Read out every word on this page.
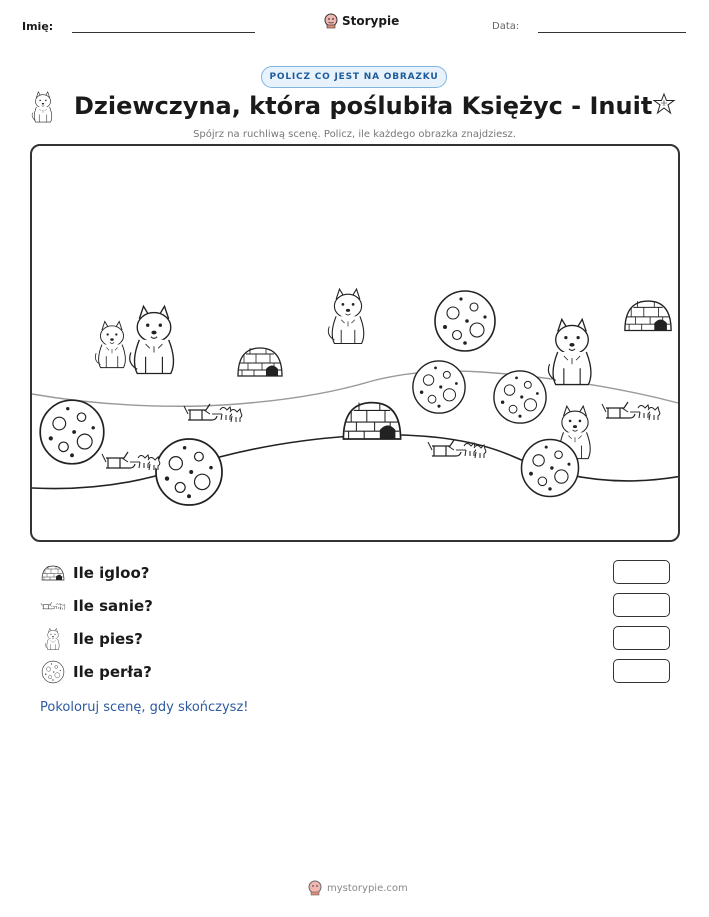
Imię:	Storypie	Data:
POLICZ CO JEST NA OBRAZKU
Dziewczyna, która poślubiła Księżyc - Inuit
Spójrz na ruchliwą scenę. Policz, ile każdego obrazka znajdziesz.
Ile igloo?
Ile sanie?
Ile pies?
Ile perła?
Pokoloruj scenę, gdy skończysz!
mystorypie.com
